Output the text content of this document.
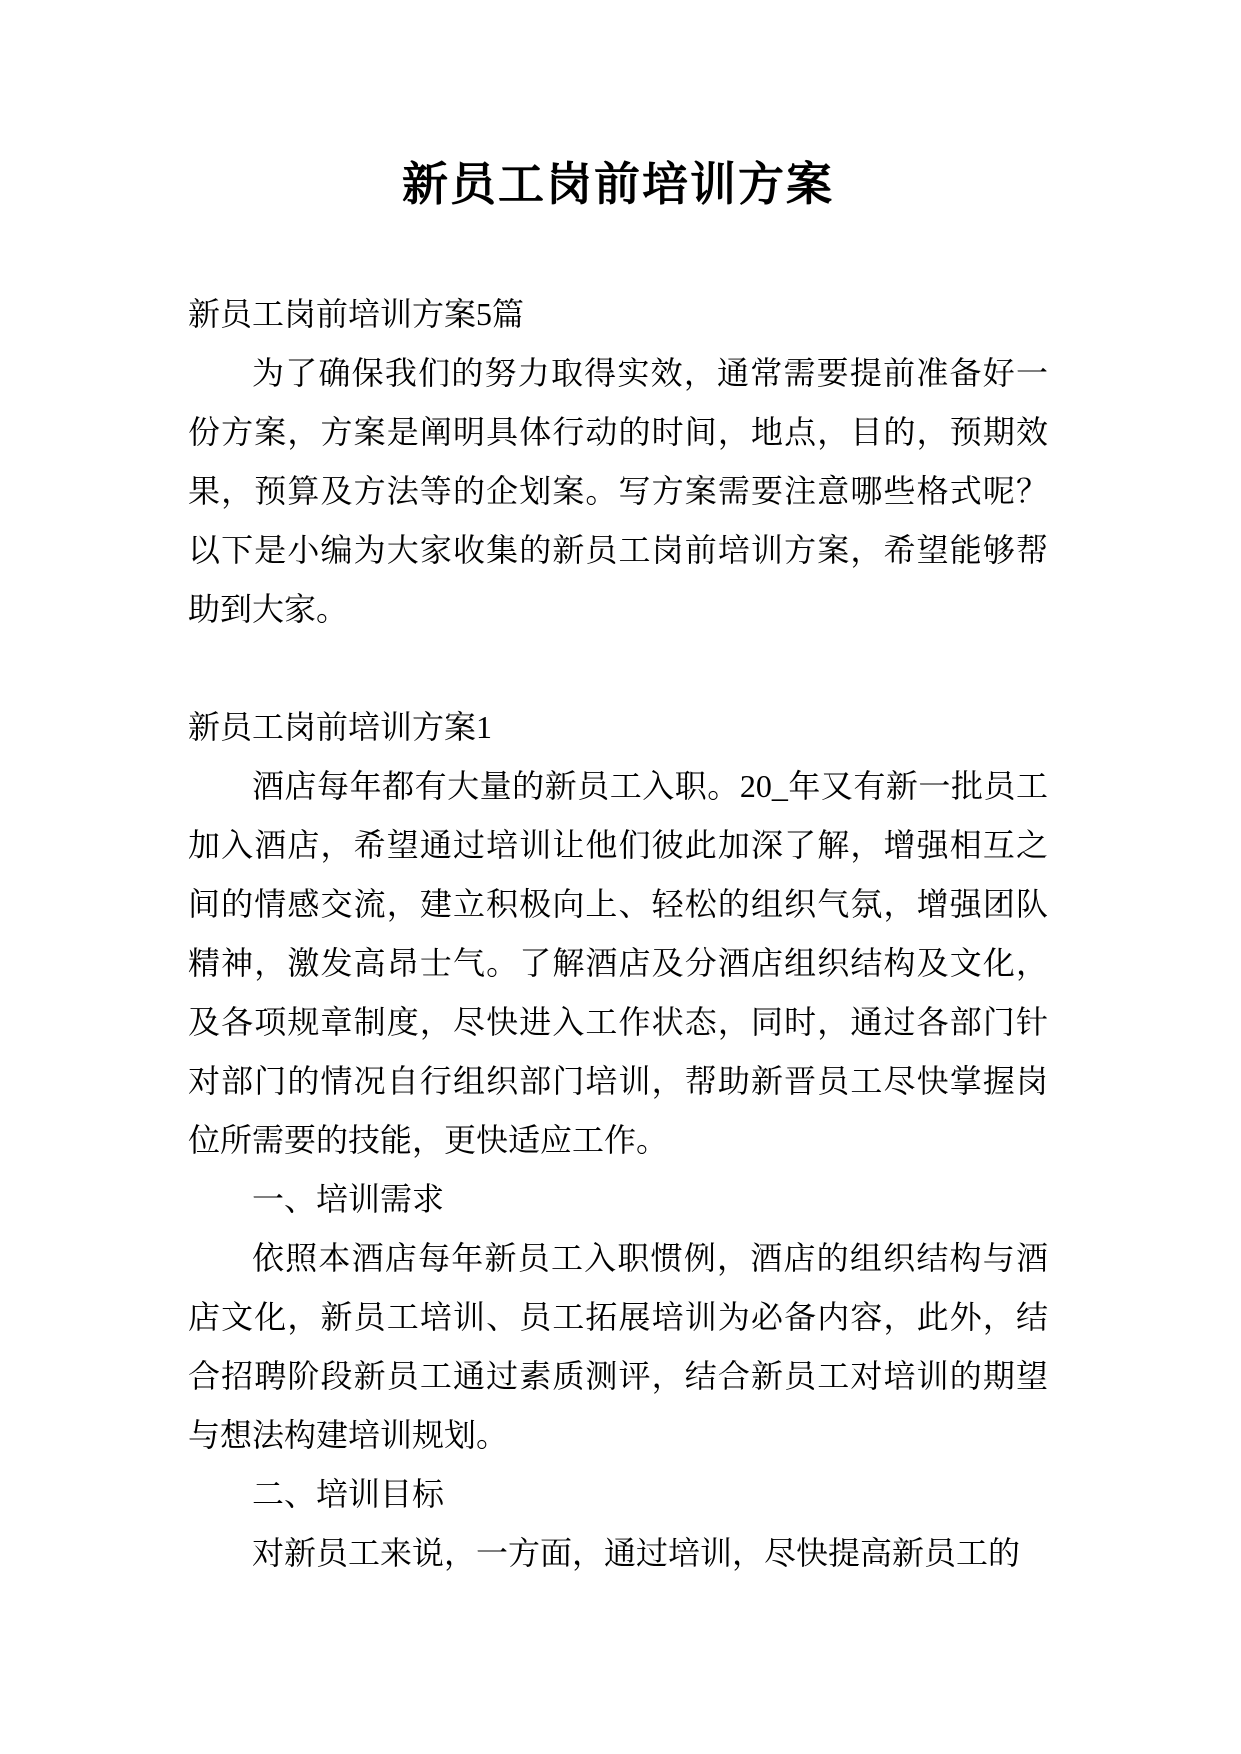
新员工岗前培训方案

新员工岗前培训方案5篇

为了确保我们的努力取得实效，通常需要提前准备好一份方案，方案是阐明具体行动的时间，地点，目的，预期效果，预算及方法等的企划案。写方案需要注意哪些格式呢？以下是小编为大家收集的新员工岗前培训方案，希望能够帮助到大家。

新员工岗前培训方案1

酒店每年都有大量的新员工入职。20_年又有新一批员工加入酒店，希望通过培训让他们彼此加深了解，增强相互之间的情感交流，建立积极向上、轻松的组织气氛，增强团队精神，激发高昂士气。了解酒店及分酒店组织结构及文化，及各项规章制度，尽快进入工作状态，同时，通过各部门针对部门的情况自行组织部门培训，帮助新晋员工尽快掌握岗位所需要的技能，更快适应工作。

一、培训需求

依照本酒店每年新员工入职惯例，酒店的组织结构与酒店文化，新员工培训、员工拓展培训为必备内容，此外，结合招聘阶段新员工通过素质测评，结合新员工对培训的期望与想法构建培训规划。

二、培训目标

对新员工来说，一方面，通过培训，尽快提高新员工的
